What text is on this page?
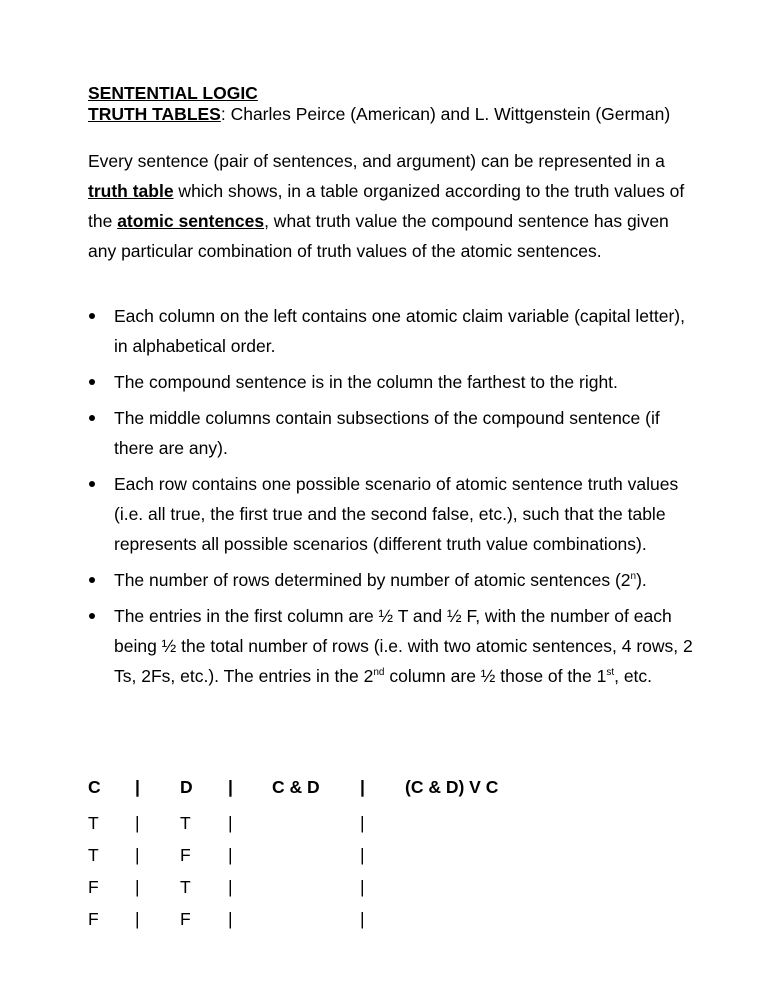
SENTENTIAL LOGIC
TRUTH TABLES: Charles Peirce (American) and L. Wittgenstein (German)

Every sentence (pair of sentences, and argument) can be represented in a truth table which shows, in a table organized according to the truth values of the atomic sentences, what truth value the compound sentence has given any particular combination of truth values of the atomic sentences.

Each column on the left contains one atomic claim variable (capital letter), in alphabetical order.
The compound sentence is in the column the farthest to the right.
The middle columns contain subsections of the compound sentence (if there are any).
Each row contains one possible scenario of atomic sentence truth values (i.e. all true, the first true and the second false, etc.), such that the table represents all possible scenarios (different truth value combinations).
The number of rows determined by number of atomic sentences (2$^n$).
The entries in the first column are ½ T and ½ F, with the number of each being ½ the total number of rows (i.e. with two atomic sentences, 4 rows, 2 Ts, 2Fs, etc.). The entries in the 2nd column are ½ those of the 1st, etc.
C | D | C & D | (C & D) V C
T | T |	|
T | F |	|
F | T |	|
F | F |	|
